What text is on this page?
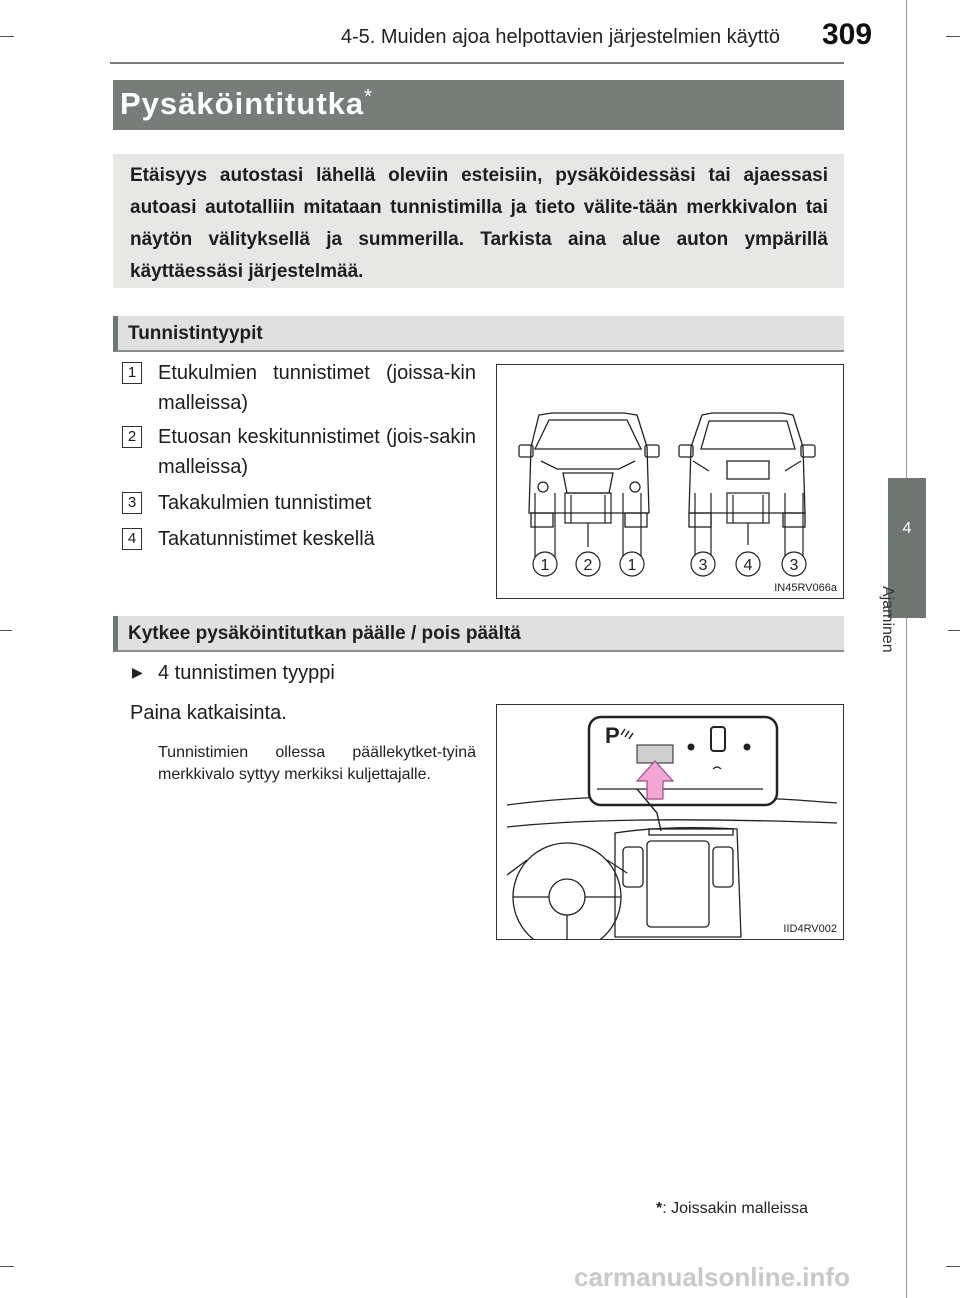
4-5. Muiden ajoa helpottavien järjestelmien käyttö 309
4
Ajaminen
Pysäköintitutka*
Etäisyys autostasi lähellä oleviin esteisiin, pysäköidessäsi tai ajaessasi autoasi autotalliin mitataan tunnistimilla ja tieto välite-tään merkkivalon tai näytön välityksellä ja summerilla. Tarkista aina alue auton ympärillä käyttäessäsi järjestelmää.
Tunnistintyypit
1 Etukulmien tunnistimet (joissa-kin malleissa)
2 Etuosan keskitunnistimet (jois-sakin malleissa)
3 Takakulmien tunnistimet
4 Takatunnistimet keskellä
1 2 1	3 4 3
IN45RV066a
Kytkee pysäköintitutkan päälle / pois päältä
▶ 4 tunnistimen tyyppi
Paina katkaisinta.
Tunnistimien ollessa päällekytket-tyinä merkkivalo syttyy merkiksi kuljettajalle.
P
IID4RV002
*: Joissakin malleissa
carmanualsonline.info
